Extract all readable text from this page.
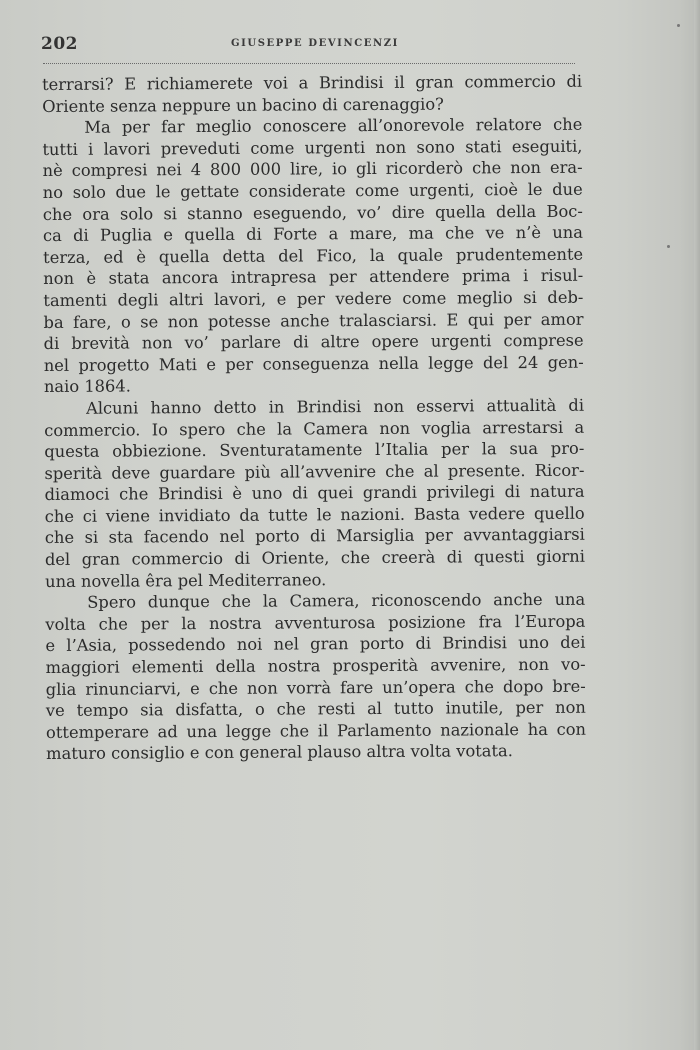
202	GIUSEPPE DEVINCENZI
terrarsi? E richiamerete voi a Brindisi il gran commercio di
Oriente senza neppure un bacino di carenaggio?
Ma per far meglio conoscere all’onorevole relatore che
tutti i lavori preveduti come urgenti non sono stati eseguiti,
nè compresi nei 4 800 000 lire, io gli ricorderò che non era-
no solo due le gettate considerate come urgenti, cioè le due
che ora solo si stanno eseguendo, vo’ dire quella della Boc-
ca di Puglia e quella di Forte a mare, ma che ve n’è una
terza, ed è quella detta del Fico, la quale prudentemente
non è stata ancora intrapresa per attendere prima i risul-
tamenti degli altri lavori, e per vedere come meglio si deb-
ba fare, o se non potesse anche tralasciarsi. E qui per amor
di brevità non vo’ parlare di altre opere urgenti comprese
nel progetto Mati e per conseguenza nella legge del 24 gen-
naio 1864.
Alcuni hanno detto in Brindisi non esservi attualità di
commercio. Io spero che la Camera non voglia arrestarsi a
questa obbiezione. Sventuratamente l’Italia per la sua pro-
sperità deve guardare più all’avvenire che al presente. Ricor-
diamoci che Brindisi è uno di quei grandi privilegi di natura
che ci viene invidiato da tutte le nazioni. Basta vedere quello
che si sta facendo nel porto di Marsiglia per avvantaggiarsi
del gran commercio di Oriente, che creerà di questi giorni
una novella êra pel Mediterraneo.
Spero dunque che la Camera, riconoscendo anche una
volta che per la nostra avventurosa posizione fra l’Europa
e l’Asia, possedendo noi nel gran porto di Brindisi uno dei
maggiori elementi della nostra prosperità avvenire, non vo-
glia rinunciarvi, e che non vorrà fare un’opera che dopo bre-
ve tempo sia disfatta, o che resti al tutto inutile, per non
ottemperare ad una legge che il Parlamento nazionale ha con
maturo consiglio e con general plauso altra volta votata.
